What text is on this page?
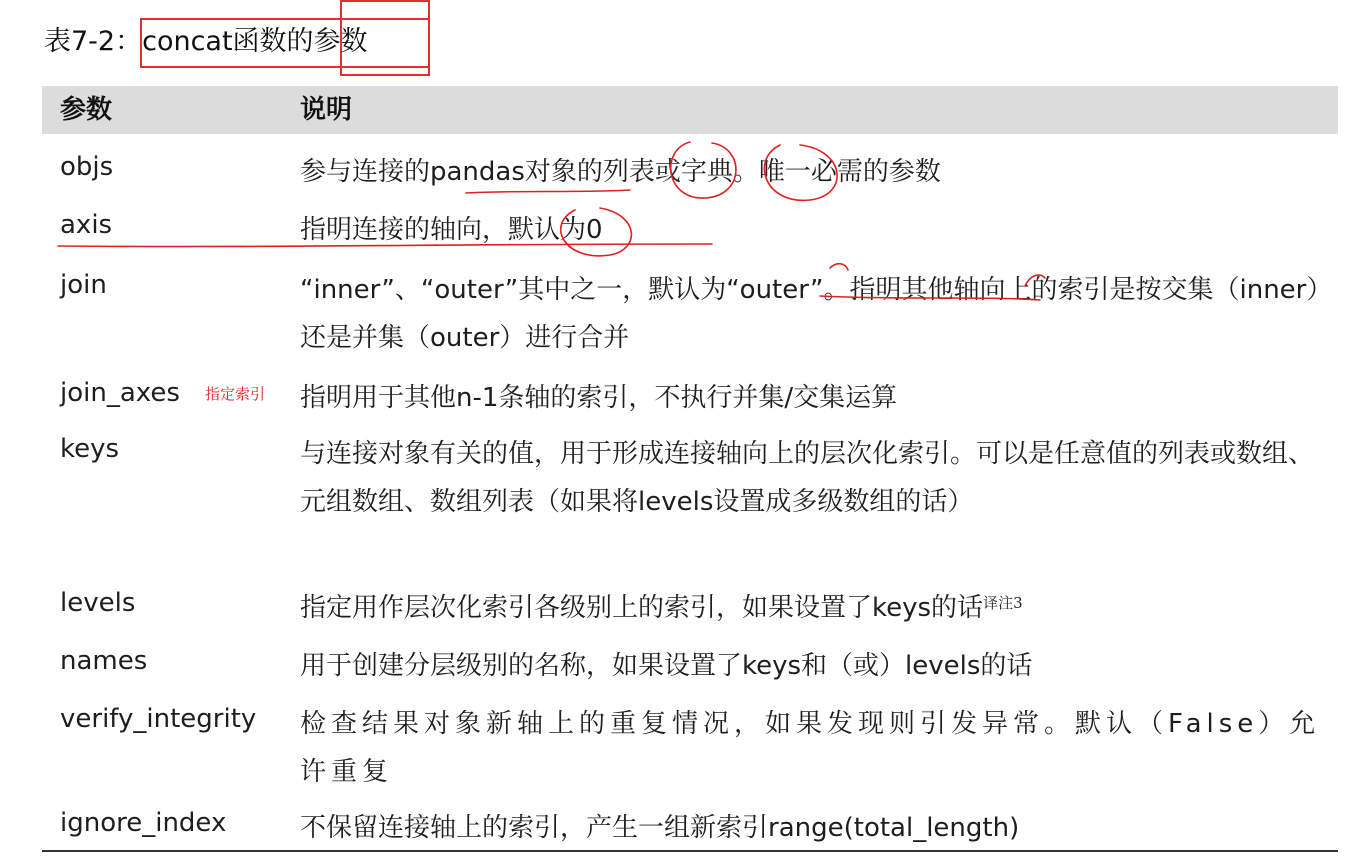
表7-2：concat函数的参数
参数	说明
objs	参与连接的pandas对象的列表或字典。唯一必需的参数
axis	指明连接的轴向，默认为0
join	“inner”、“outer”其中之一，默认为“outer”。指明其他轴向上的索引是按交集（inner）还是并集（outer）进行合并
join_axes 指定索引 指明用于其他n-1条轴的索引，不执行并集/交集运算
keys	与连接对象有关的值，用于形成连接轴向上的层次化索引。可以是任意值的列表或数组、元组数组、数组列表（如果将levels设置成多级数组的话）
levels	指定用作层次化索引各级别上的索引，如果设置了keys的话$^{译注3}$
names	用于创建分层级别的名称，如果设置了keys和（或）levels的话
verify_integrity 检查结果对象新轴上的重复情况，如果发现则引发异常。默认（False）允许重复
ignore_index	不保留连接轴上的索引，产生一组新索引range(total_length)
